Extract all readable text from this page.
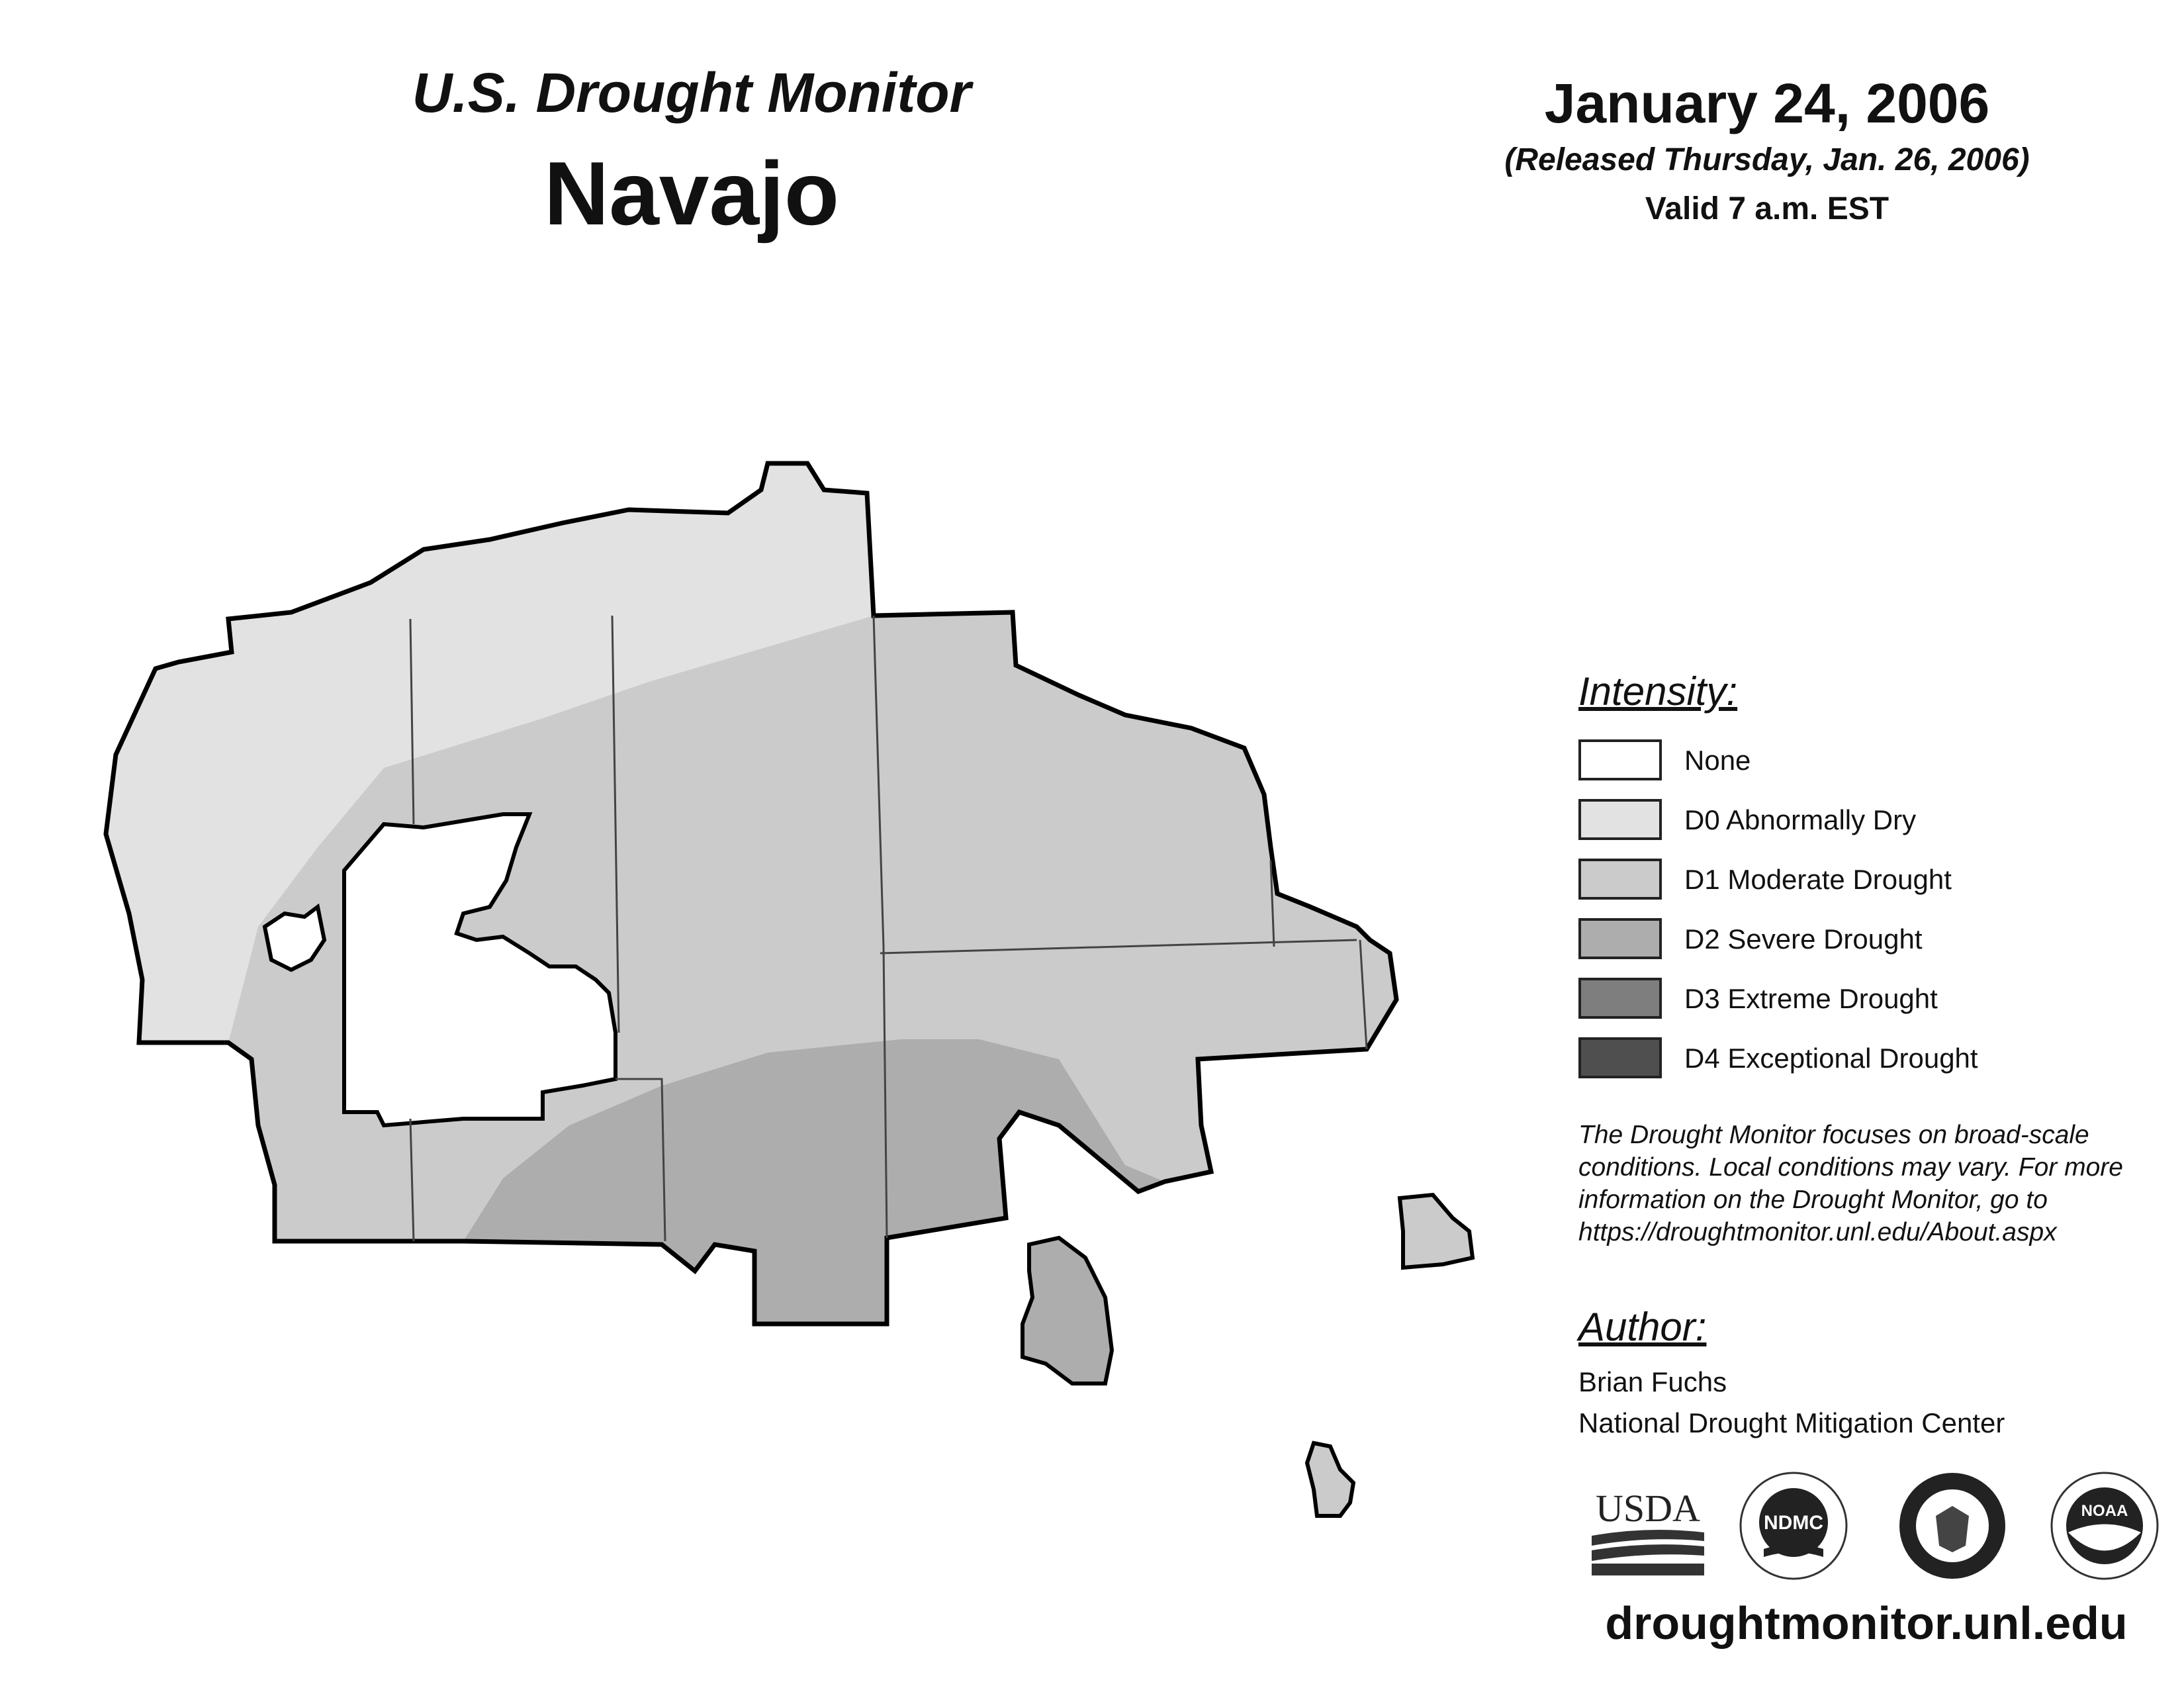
U.S. Drought Monitor
Navajo
January 24, 2006
(Released Thursday, Jan. 26, 2006)
Valid 7 a.m. EST
Intensity:
None
D0 Abnormally Dry
D1 Moderate Drought
D2 Severe Drought
D3 Extreme Drought
D4 Exceptional Drought
The Drought Monitor focuses on broad-scale conditions. Local conditions may vary. For more information on the Drought Monitor, go to https://droughtmonitor.unl.edu/About.aspx
Author:
Brian Fuchs
National Drought Mitigation Center
USDA	NDMC
NOAA
droughtmonitor.unl.edu
